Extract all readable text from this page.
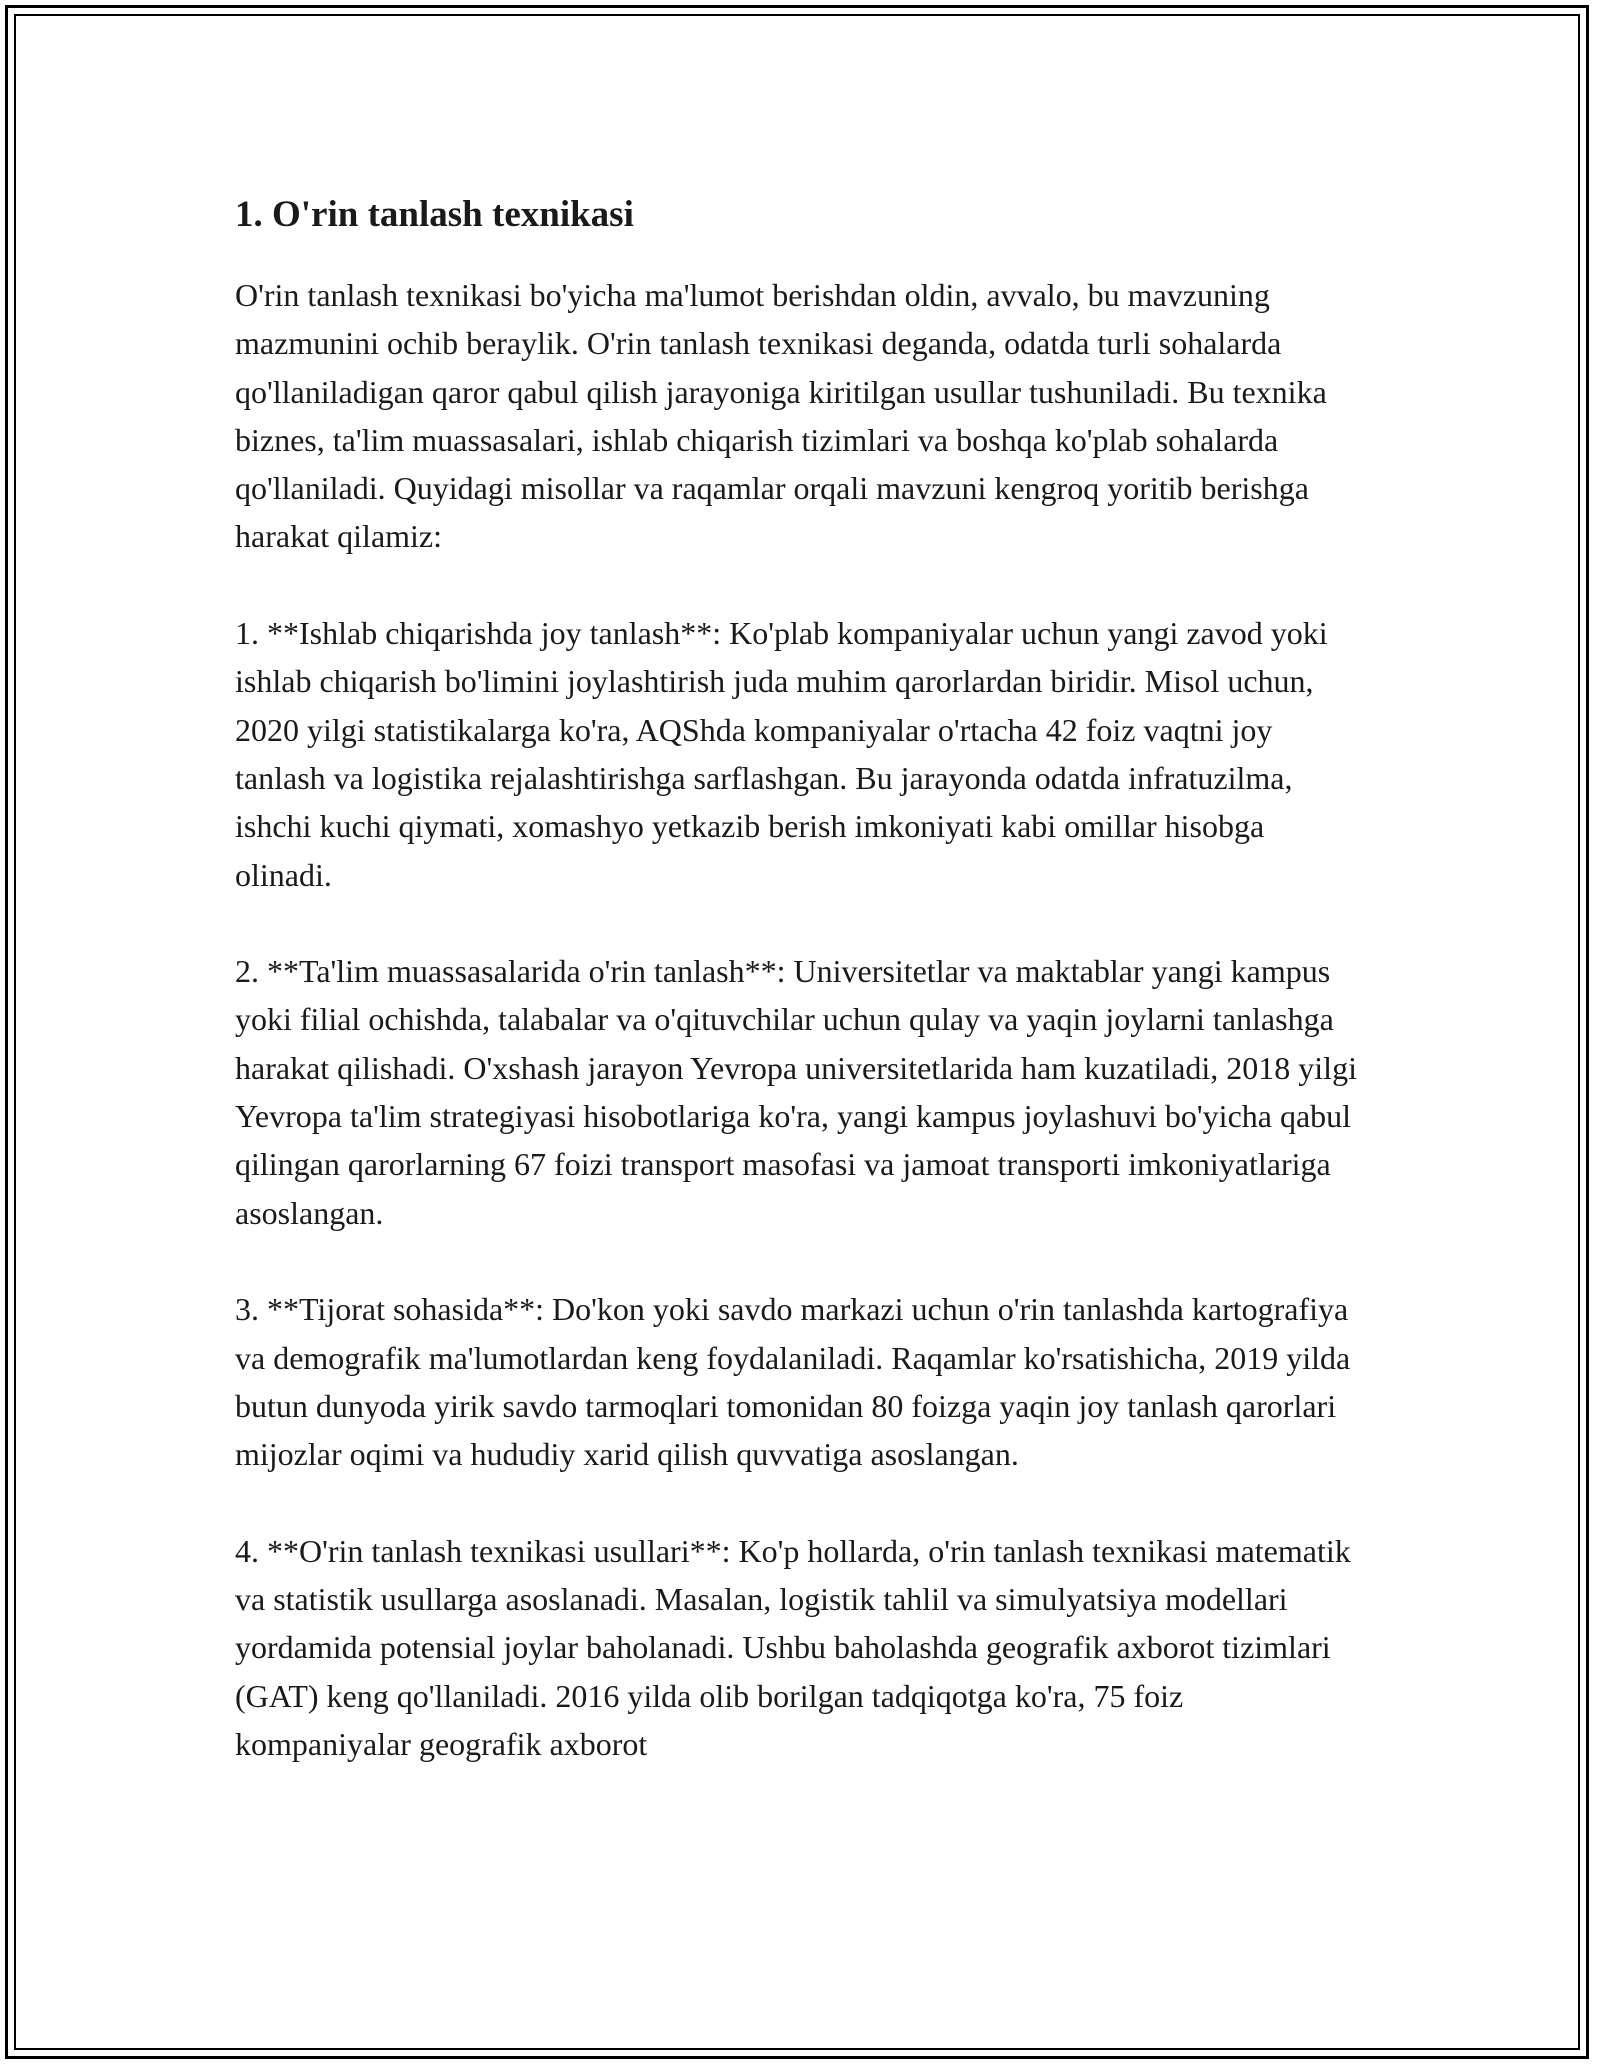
1. O'rin tanlash texnikasi

O'rin tanlash texnikasi bo'yicha ma'lumot berishdan oldin, avvalo, bu mavzuning mazmunini ochib beraylik. O'rin tanlash texnikasi deganda, odatda turli sohalarda qo'llaniladigan qaror qabul qilish jarayoniga kiritilgan usullar tushuniladi. Bu texnika biznes, ta'lim muassasalari, ishlab chiqarish tizimlari va boshqa ko'plab sohalarda qo'llaniladi. Quyidagi misollar va raqamlar orqali mavzuni kengroq yoritib berishga harakat qilamiz:

1. **Ishlab chiqarishda joy tanlash**: Ko'plab kompaniyalar uchun yangi zavod yoki ishlab chiqarish bo'limini joylashtirish juda muhim qarorlardan biridir. Misol uchun, 2020 yilgi statistikalarga ko'ra, AQShda kompaniyalar o'rtacha 42 foiz vaqtni joy tanlash va logistika rejalashtirishga sarflashgan. Bu jarayonda odatda infratuzilma, ishchi kuchi qiymati, xomashyo yetkazib berish imkoniyati kabi omillar hisobga olinadi.

2. **Ta'lim muassasalarida o'rin tanlash**: Universitetlar va maktablar yangi kampus yoki filial ochishda, talabalar va o'qituvchilar uchun qulay va yaqin joylarni tanlashga harakat qilishadi. O'xshash jarayon Yevropa universitetlarida ham kuzatiladi, 2018 yilgi Yevropa ta'lim strategiyasi hisobotlariga ko'ra, yangi kampus joylashuvi bo'yicha qabul qilingan qarorlarning 67 foizi transport masofasi va jamoat transporti imkoniyatlariga asoslangan.

3. **Tijorat sohasida**: Do'kon yoki savdo markazi uchun o'rin tanlashda kartografiya va demografik ma'lumotlardan keng foydalaniladi. Raqamlar ko'rsatishicha, 2019 yilda butun dunyoda yirik savdo tarmoqlari tomonidan 80 foizga yaqin joy tanlash qarorlari mijozlar oqimi va hududiy xarid qilish quvvatiga asoslangan.

4. **O'rin tanlash texnikasi usullari**: Ko'p hollarda, o'rin tanlash texnikasi matematik va statistik usullarga asoslanadi. Masalan, logistik tahlil va simulyatsiya modellari yordamida potensial joylar baholanadi. Ushbu baholashda geografik axborot tizimlari (GAT) keng qo'llaniladi. 2016 yilda olib borilgan tadqiqotga ko'ra, 75 foiz kompaniyalar geografik axborot
